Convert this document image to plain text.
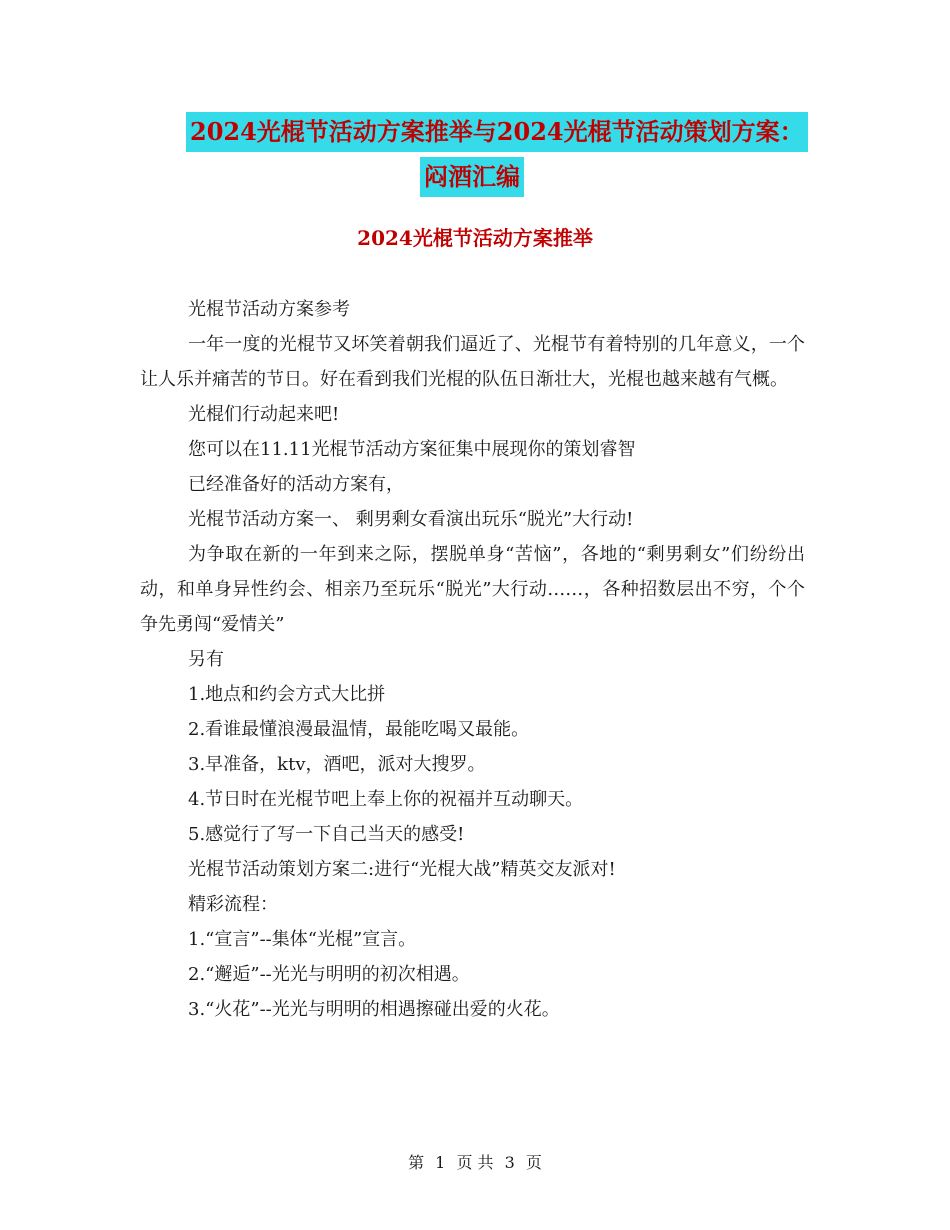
2024光棍节活动方案推举与2024光棍节活动策划方案：
闷酒汇编
2024光棍节活动方案推举

光棍节活动方案参考

一年一度的光棍节又坏笑着朝我们逼近了、光棍节有着特别的几年意义，一个让人乐并痛苦的节日。好在看到我们光棍的队伍日渐壮大，光棍也越来越有气概。

光棍们行动起来吧!

您可以在11.11光棍节活动方案征集中展现你的策划睿智

已经准备好的活动方案有，

光棍节活动方案一、 剩男剩女看演出玩乐“脱光”大行动!

为争取在新的一年到来之际，摆脱单身“苦恼”，各地的“剩男剩女”们纷纷出动，和单身异性约会、相亲乃至玩乐“脱光”大行动……，各种招数层出不穷，个个争先勇闯“爱情关”

另有

1.地点和约会方式大比拼

2.看谁最懂浪漫最温情，最能吃喝又最能。

3.早准备，ktv，酒吧，派对大搜罗。

4.节日时在光棍节吧上奉上你的祝福并互动聊天。

5.感觉行了写一下自己当天的感受!

光棍节活动策划方案二:进行“光棍大战”精英交友派对!

精彩流程：

1.“宣言”--集体“光棍”宣言。

2.“邂逅”--光光与明明的初次相遇。

3.“火花”--光光与明明的相遇擦碰出爱的火花。

第 1 页 共 3 页
